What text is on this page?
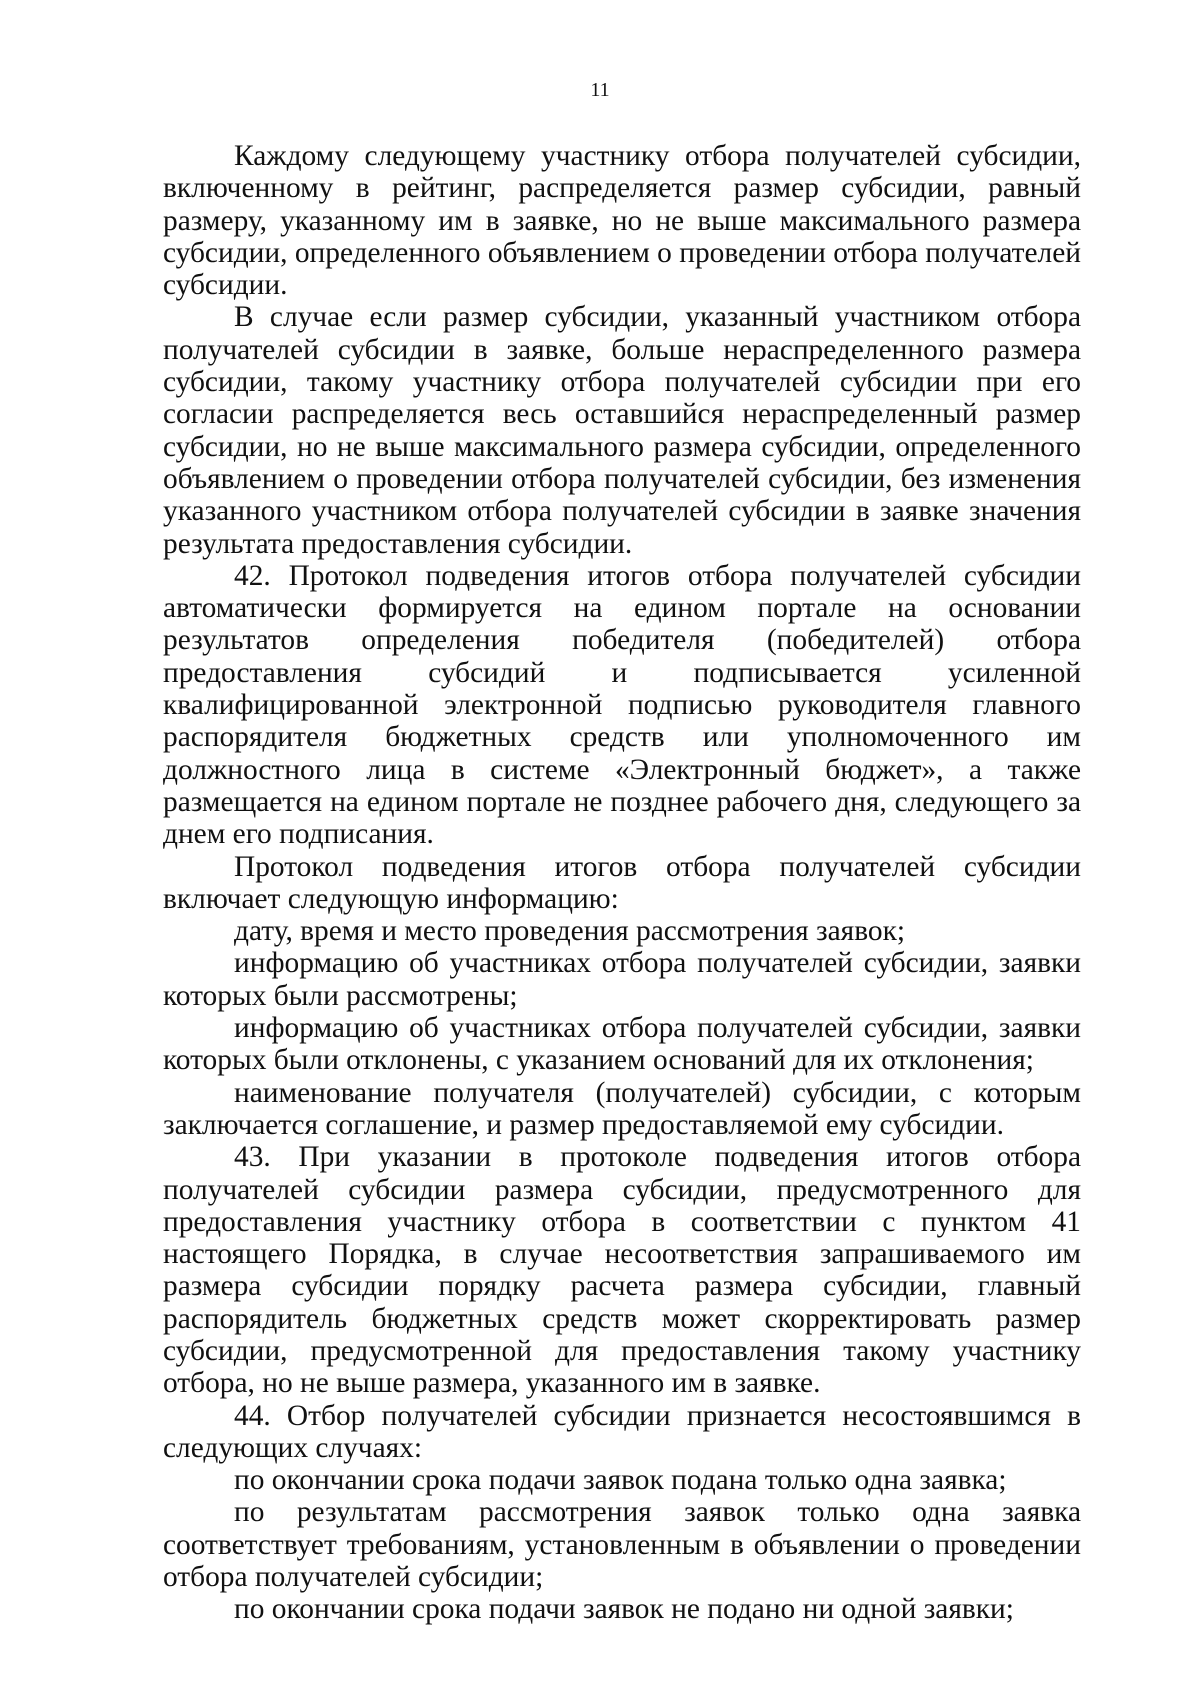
11

Каждому следующему участнику отбора получателей субсидии, включенному в рейтинг, распределяется размер субсидии, равный размеру, указанному им в заявке, но не выше максимального размера субсидии, определенного объявлением о проведении отбора получателей субсидии.

В случае если размер субсидии, указанный участником отбора получателей субсидии в заявке, больше нераспределенного размера субсидии, такому участнику отбора получателей субсидии при его согласии распределяется весь оставшийся нераспределенный размер субсидии, но не выше максимального размера субсидии, определенного объявлением о проведении отбора получателей субсидии, без изменения указанного участником отбора получателей субсидии в заявке значения результата предоставления субсидии.

42. Протокол подведения итогов отбора получателей субсидии автоматически формируется на едином портале на основании результатов определения победителя (победителей) отбора предоставления субсидий и подписывается усиленной квалифицированной электронной подписью руководителя главного распорядителя бюджетных средств или уполномоченного им должностного лица в системе «Электронный бюджет», а также размещается на едином портале не позднее рабочего дня, следующего за днем его подписания.

Протокол подведения итогов отбора получателей субсидии включает следующую информацию:

дату, время и место проведения рассмотрения заявок;

информацию об участниках отбора получателей субсидии, заявки которых были рассмотрены;

информацию об участниках отбора получателей субсидии, заявки которых были отклонены, с указанием оснований для их отклонения;

наименование получателя (получателей) субсидии, с которым заключается соглашение, и размер предоставляемой ему субсидии.

43. При указании в протоколе подведения итогов отбора получателей субсидии размера субсидии, предусмотренного для предоставления участнику отбора в соответствии с пунктом 41 настоящего Порядка, в случае несоответствия запрашиваемого им размера субсидии порядку расчета размера субсидии, главный распорядитель бюджетных средств может скорректировать размер субсидии, предусмотренной для предоставления такому участнику отбора, но не выше размера, указанного им в заявке.

44. Отбор получателей субсидии признается несостоявшимся в следующих случаях:

по окончании срока подачи заявок подана только одна заявка;

по результатам рассмотрения заявок только одна заявка соответствует требованиям, установленным в объявлении о проведении отбора получателей субсидии;

по окончании срока подачи заявок не подано ни одной заявки;
